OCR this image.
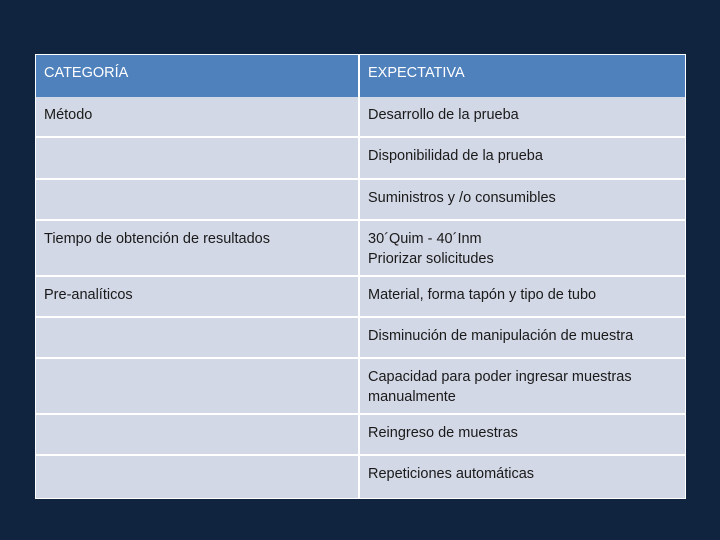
CATEGORÍA	EXPECTATIVA
Método	Desarrollo de la prueba

	Disponibilidad de la prueba

	Suministros y /o consumibles

Tiempo de obtención de resultados	30´Quim - 40´Inm
Priorizar solicitudes

Pre-analíticos	Material, forma tapón y tipo de tubo

	Disminución de manipulación de muestra

	Capacidad para poder ingresar muestras
manualmente

	Reingreso de muestras

	Repeticiones automáticas
